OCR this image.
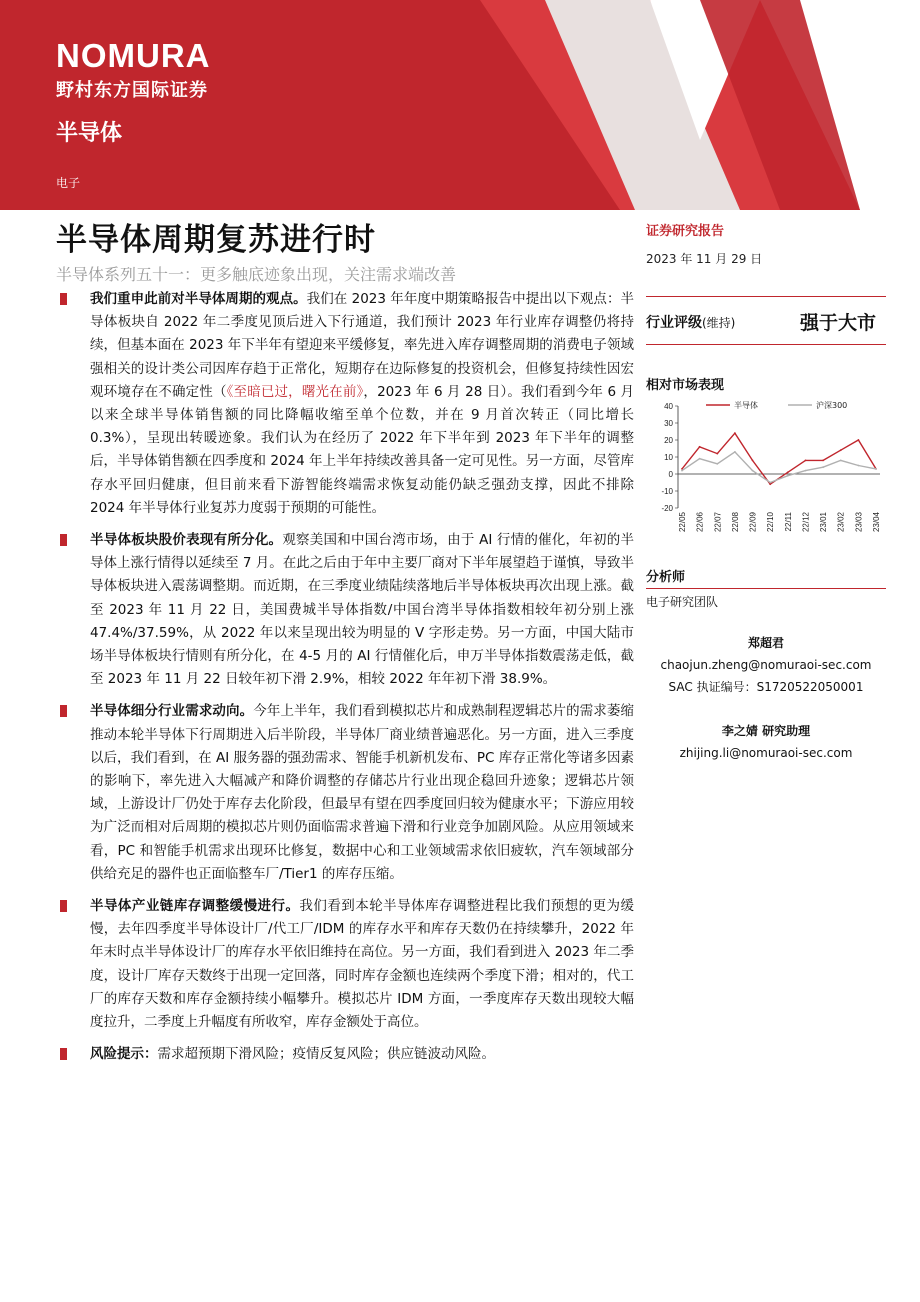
NOMURA
野村东方国际证券
半导体
电子
半导体周期复苏进行时
半导体系列五十一：更多触底迹象出现，关注需求端改善
证券研究报告
2023 年 11 月 29 日
行业评级(维持)	强于大市
相对市场表现
40
30
20
10
0
-10
-20
22/05 22/06 22/07 22/08 22/09 22/10 22/11 22/12 23/01 23/02 23/03 23/04
半导体	沪深300
分析师
电子研究团队
郑超君
chaojun.zheng@nomuraoi-sec.com
SAC 执证编号：S1720522050001
李之婧 研究助理
zhijing.li@nomuraoi-sec.com
我们重申此前对半导体周期的观点。我们在 2023 年年度中期策略报告中提出以下观点：半导体板块自 2022 年二季度见顶后进入下行通道，我们预计 2023 年行业库存调整仍将持续，但基本面在 2023 年下半年有望迎来平缓修复，率先进入库存调整周期的消费电子领域强相关的设计类公司因库存趋于正常化，短期存在边际修复的投资机会，但修复持续性因宏观环境存在不确定性（《至暗已过，曙光在前》，2023 年 6 月 28 日）。我们看到今年 6 月以来全球半导体销售额的同比降幅收缩至单个位数，并在 9 月首次转正（同比增长 0.3%），呈现出转暖迹象。我们认为在经历了 2022 年下半年到 2023 年下半年的调整后，半导体销售额在四季度和 2024 年上半年持续改善具备一定可见性。另一方面，尽管库存水平回归健康，但目前来看下游智能终端需求恢复动能仍缺乏强劲支撑，因此不排除 2024 年半导体行业复苏力度弱于预期的可能性。
半导体板块股价表现有所分化。观察美国和中国台湾市场，由于 AI 行情的催化，年初的半导体上涨行情得以延续至 7 月。在此之后由于年中主要厂商对下半年展望趋于谨慎，导致半导体板块进入震荡调整期。而近期，在三季度业绩陆续落地后半导体板块再次出现上涨。截至 2023 年 11 月 22 日，美国费城半导体指数/中国台湾半导体指数相较年初分别上涨 47.4%/37.59%，从 2022 年以来呈现出较为明显的 V 字形走势。另一方面，中国大陆市场半导体板块行情则有所分化，在 4-5 月的 AI 行情催化后，申万半导体指数震荡走低，截至 2023 年 11 月 22 日较年初下滑 2.9%，相较 2022 年年初下滑 38.9%。
半导体细分行业需求动向。今年上半年，我们看到模拟芯片和成熟制程逻辑芯片的需求萎缩推动本轮半导体下行周期进入后半阶段，半导体厂商业绩普遍恶化。另一方面，进入三季度以后，我们看到，在 AI 服务器的强劲需求、智能手机新机发布、PC 库存正常化等诸多因素的影响下，率先进入大幅减产和降价调整的存储芯片行业出现企稳回升迹象；逻辑芯片领域，上游设计厂仍处于库存去化阶段，但最早有望在四季度回归较为健康水平；下游应用较为广泛而相对后周期的模拟芯片则仍面临需求普遍下滑和行业竞争加剧风险。从应用领域来看，PC 和智能手机需求出现环比修复，数据中心和工业领域需求依旧疲软，汽车领域部分供给充足的器件也正面临整车厂/Tier1 的库存压缩。
半导体产业链库存调整缓慢进行。我们看到本轮半导体库存调整进程比我们预想的更为缓慢，去年四季度半导体设计厂/代工厂/IDM 的库存水平和库存天数仍在持续攀升，2022 年年末时点半导体设计厂的库存水平依旧维持在高位。另一方面，我们看到进入 2023 年二季度，设计厂库存天数终于出现一定回落，同时库存金额也连续两个季度下滑；相对的，代工厂的库存天数和库存金额持续小幅攀升。模拟芯片 IDM 方面，一季度库存天数出现较大幅度拉升，二季度上升幅度有所收窄，库存金额处于高位。
风险提示：需求超预期下滑风险；疫情反复风险；供应链波动风险。
